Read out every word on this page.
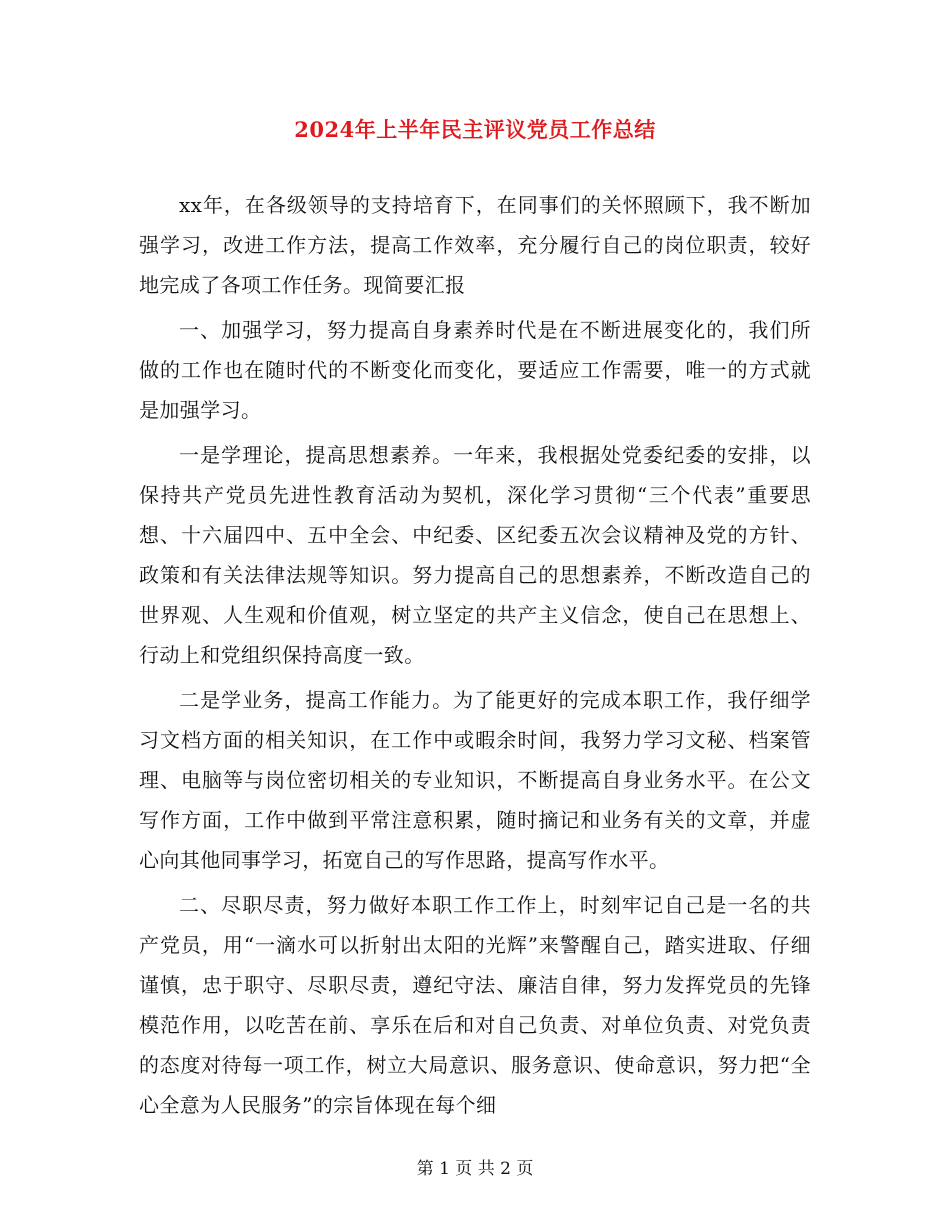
2024年上半年民主评议党员工作总结

xx年，在各级领导的支持培育下，在同事们的关怀照顾下，我不断加强学习，改进工作方法，提高工作效率，充分履行自己的岗位职责，较好地完成了各项工作任务。现简要汇报

一、加强学习，努力提高自身素养时代是在不断进展变化的，我们所做的工作也在随时代的不断变化而变化，要适应工作需要，唯一的方式就是加强学习。

一是学理论，提高思想素养。一年来，我根据处党委纪委的安排，以保持共产党员先进性教育活动为契机，深化学习贯彻“三个代表”重要思想、十六届四中、五中全会、中纪委、区纪委五次会议精神及党的方针、政策和有关法律法规等知识。努力提高自己的思想素养，不断改造自己的世界观、人生观和价值观，树立坚定的共产主义信念，使自己在思想上、行动上和党组织保持高度一致。

二是学业务，提高工作能力。为了能更好的完成本职工作，我仔细学习文档方面的相关知识，在工作中或暇余时间，我努力学习文秘、档案管理、电脑等与岗位密切相关的专业知识，不断提高自身业务水平。在公文写作方面，工作中做到平常注意积累，随时摘记和业务有关的文章，并虚心向其他同事学习，拓宽自己的写作思路，提高写作水平。

二、尽职尽责，努力做好本职工作工作上，时刻牢记自己是一名的共产党员，用“一滴水可以折射出太阳的光辉”来警醒自己，踏实进取、仔细谨慎，忠于职守、尽职尽责，遵纪守法、廉洁自律，努力发挥党员的先锋模范作用，以吃苦在前、享乐在后和对自己负责、对单位负责、对党负责的态度对待每一项工作，树立大局意识、服务意识、使命意识，努力把“全心全意为人民服务”的宗旨体现在每个细

第 1 页 共 2 页
